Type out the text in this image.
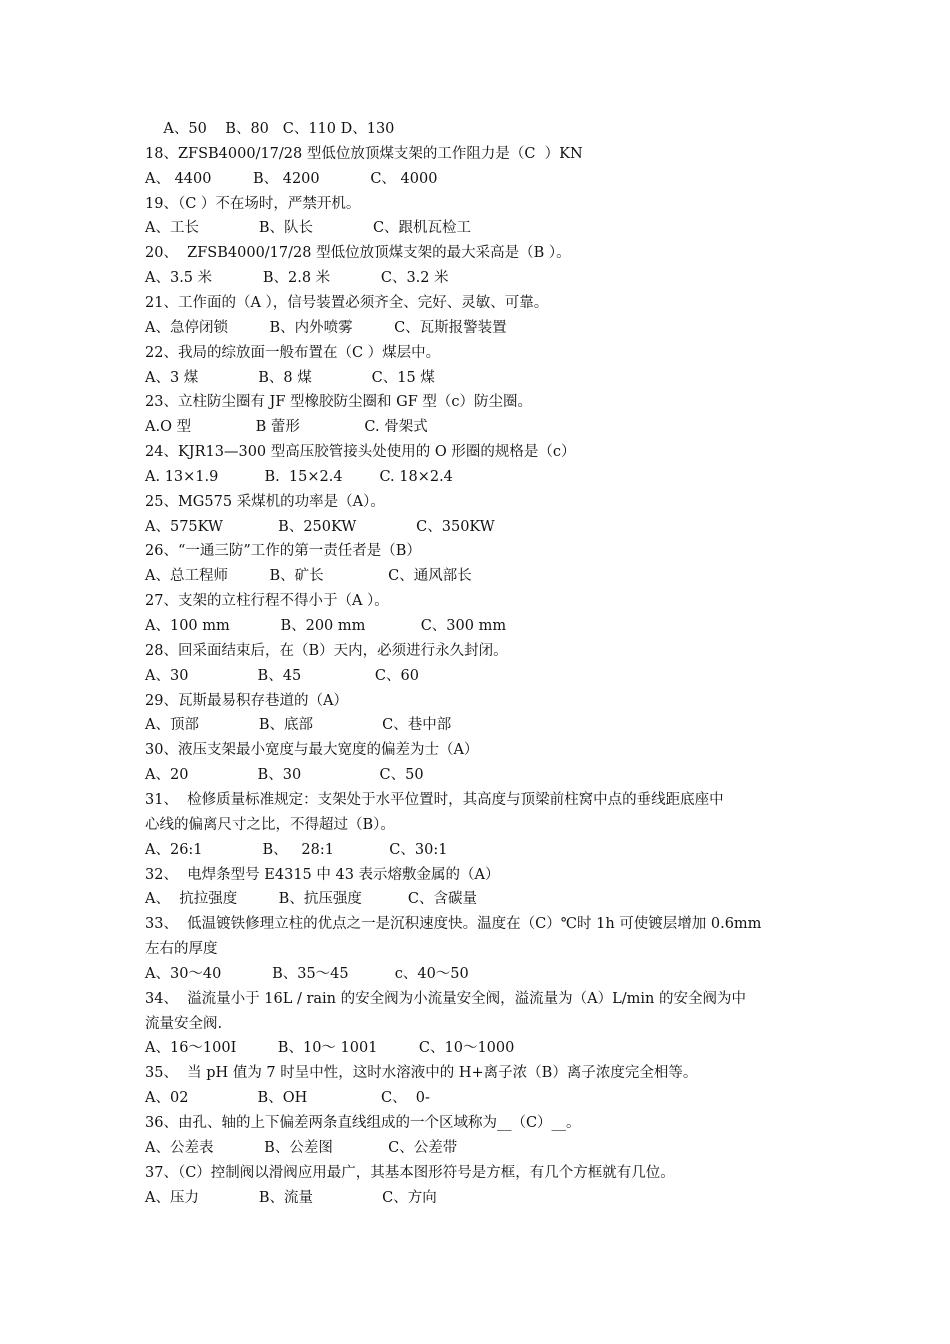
A、50    B、80   C、110 D、130
18、ZFSB4000/17/28 型低位放顶煤支架的工作阻力是（C  ）KN
A、 4400         B、 4200           C、 4000
19、（C ）不在场时，严禁开机。
A、工长             B、队长             C、跟机瓦检工
20、  ZFSB4000/17/28 型低位放顶煤支架的最大采高是（B ）。
A、3.5 米           B、2.8 米           C、3.2 米
21、工作面的（A ），信号装置必须齐全、完好、灵敏、可靠。
A、急停闭锁         B、内外喷雾         C、瓦斯报警装置
22、我局的综放面一般布置在（C ）煤层中。
A、3 煤             B、8 煤             C、15 煤
23、立柱防尘圈有 JF 型橡胶防尘圈和 GF 型（c）防尘圈。
A.O 型              B 蕾形              C. 骨架式
24、KJR13—300 型高压胶管接头处使用的 O 形圈的规格是（c）
A. 13×1.9          B.  15×2.4        C. 18×2.4
25、MG575 采煤机的功率是（A）。
A、575KW            B、250KW             C、350KW
26、“一通三防”工作的第一责任者是（B）
A、总工程师         B、矿长              C、通风部长
27、支架的立柱行程不得小于（A ）。
A、100 mm           B、200 mm            C、300 mm
28、回采面结束后，在（B）天内，必须进行永久封闭。
A、30               B、45                C、60
29、瓦斯最易积存巷道的（A）
A、顶部             B、底部               C、巷中部
30、液压支架最小宽度与最大宽度的偏差为士（A）
A、20               B、30                 C、50
31、  检修质量标准规定：支架处于水平位置时，其高度与顶梁前柱窝中点的垂线距底座中
心线的偏离尺寸之比，不得超过（B）。
A、26:1             B、   28:1            C、30:1
32、  电焊条型号 E4315 中 43 表示熔敷金属的（A）
A、  抗拉强度         B、抗压强度          C、含碳量
33、  低温镀铁修理立柱的优点之一是沉积速度快。温度在（C）℃时 1h 可使镀层增加 0.6mm
左右的厚度
A、30～40           B、35～45          c、40～50
34、  溢流量小于 16L / rain 的安全阀为小流量安全阀，溢流量为（A）L/min 的安全阀为中
流量安全阀.
A、16～100I         B、10～ 1001         C、10～1000
35、  当 pH 值为 7 时呈中性，这时水溶液中的 H+离子浓（B）离子浓度完全相等。
A、02               B、OH                C、  0-
36、由孔、轴的上下偏差两条直线组成的一个区域称为__（C）__。
A、公差表           B、公差图            C、公差带
37、（C）控制阀以滑阀应用最广，其基本图形符号是方框，有几个方框就有几位。
A、压力             B、流量               C、方向
